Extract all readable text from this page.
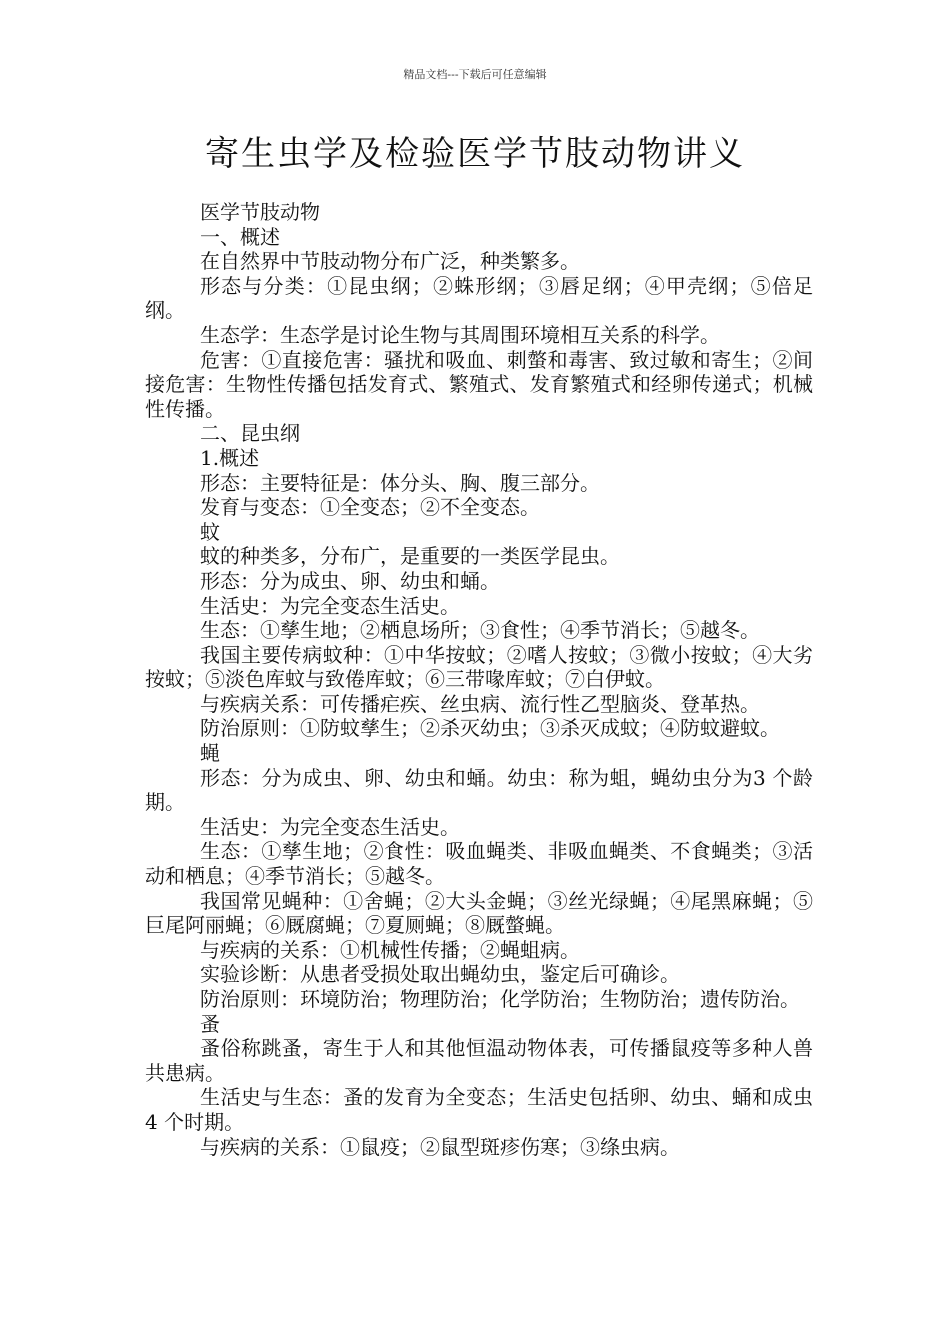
精品文档---下载后可任意编辑
寄生虫学及检验医学节肢动物讲义

医学节肢动物

一、概述

在自然界中节肢动物分布广泛，种类繁多。

形态与分类：①昆虫纲；②蛛形纲；③唇足纲；④甲壳纲；⑤倍足纲。

生态学：生态学是讨论生物与其周围环境相互关系的科学。

危害：①直接危害：骚扰和吸血、刺螫和毒害、致过敏和寄生；②间接危害：生物性传播包括发育式、繁殖式、发育繁殖式和经卵传递式；机械性传播。

二、昆虫纲

1.概述

形态：主要特征是：体分头、胸、腹三部分。

发育与变态：①全变态；②不全变态。

蚊

蚊的种类多，分布广，是重要的一类医学昆虫。

形态：分为成虫、卵、幼虫和蛹。

生活史：为完全变态生活史。

生态：①孳生地；②栖息场所；③食性；④季节消长；⑤越冬。

我国主要传病蚊种：①中华按蚊；②嗜人按蚊；③微小按蚊；④大劣按蚊；⑤淡色库蚊与致倦库蚊；⑥三带喙库蚊；⑦白伊蚊。

与疾病关系：可传播疟疾、丝虫病、流行性乙型脑炎、登革热。

防治原则：①防蚊孳生；②杀灭幼虫；③杀灭成蚊；④防蚊避蚊。

蝇

形态：分为成虫、卵、幼虫和蛹。幼虫：称为蛆，蝇幼虫分为3 个龄期。

生活史：为完全变态生活史。

生态：①孳生地；②食性：吸血蝇类、非吸血蝇类、不食蝇类；③活动和栖息；④季节消长；⑤越冬。

我国常见蝇种：①舍蝇；②大头金蝇；③丝光绿蝇；④尾黑麻蝇；⑤巨尾阿丽蝇；⑥厩腐蝇；⑦夏厕蝇；⑧厩螫蝇。

与疾病的关系：①机械性传播；②蝇蛆病。

实验诊断：从患者受损处取出蝇幼虫，鉴定后可确诊。

防治原则：环境防治；物理防治；化学防治；生物防治；遗传防治。

蚤

蚤俗称跳蚤，寄生于人和其他恒温动物体表，可传播鼠疫等多种人兽共患病。

生活史与生态：蚤的发育为全变态；生活史包括卵、幼虫、蛹和成虫 4 个时期。

与疾病的关系：①鼠疫；②鼠型斑疹伤寒；③绦虫病。
